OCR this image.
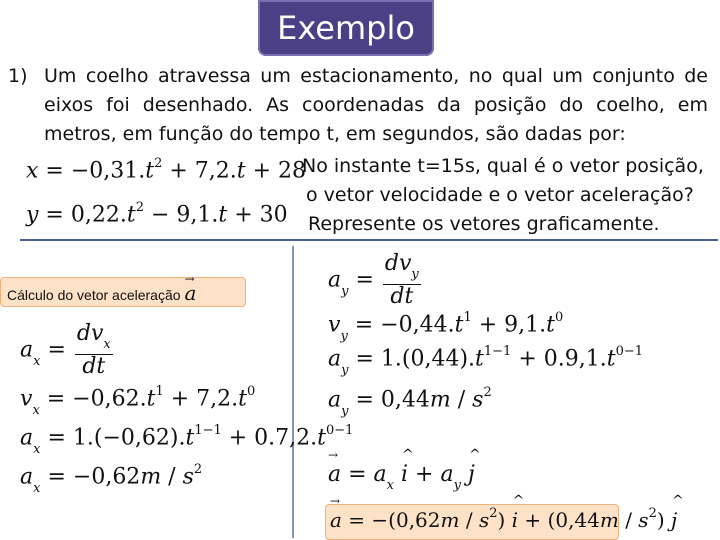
Exemplo
1) Um coelho atravessa um estacionamento, no qual um conjunto de eixos foi desenhado. As coordenadas da posição do coelho, em metros, em função do tempo t, em segundos, são dadas por:
$x = -0,31.t^2 + 7,2.t + 28$
$y = 0,22.t^2 - 9,1.t + 30$
No instante t=15s, qual é o vetor posição,
o vetor velocidade e o vetor aceleração?
Represente os vetores graficamente.
Cálculo do vetor aceleração → a
$a_x = \frac{dv_x}{dt}$
$v_x = -0,62.t^1 + 7,2.t^0$
$a_x = 1.(-0,62).t^{1-1} + 0.7,2.t^{0-1}$
$a_x = -0,62m / s^2$
$a_y = \frac{dv_y}{dt}$
$v_y = -0,44.t^1 + 9,1.t^0$
$a_y = 1.(0,44).t^{1-1} + 0.9,1.t^{0-1}$
$a_y = 0,44m / s^2$
→ $a = a_x$ ^ $i + a_y$ ^ j
→ $a = -(0,62m / s^2)$ ^ $i + (0,44m / s^2)$ ^ j
